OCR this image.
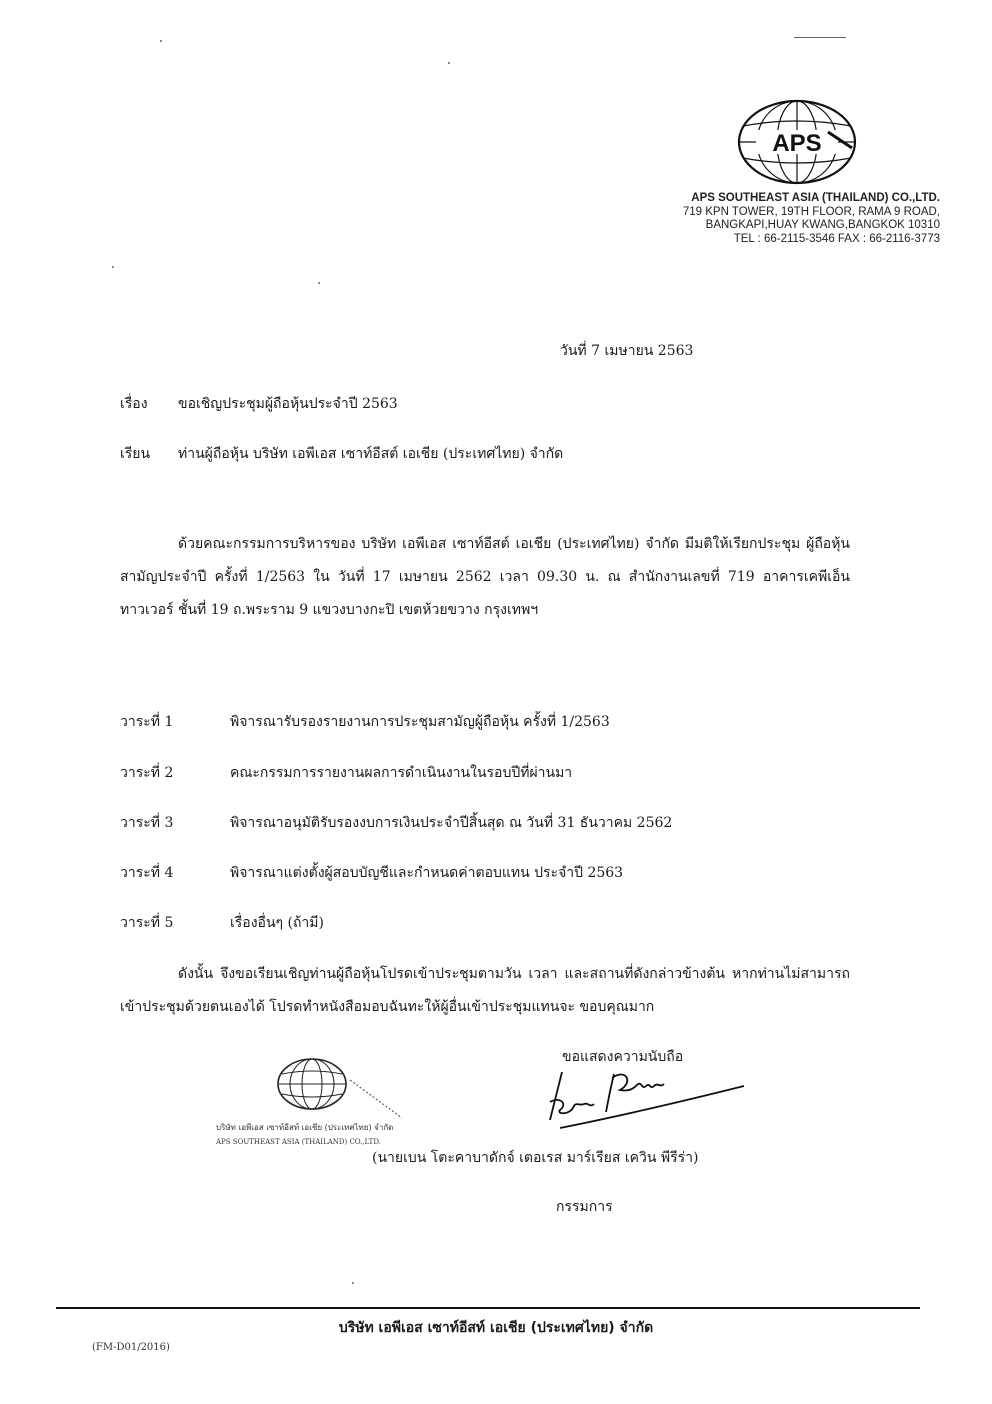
APS
APS SOUTHEAST ASIA (THAILAND) CO.,LTD.
719 KPN TOWER, 19TH FLOOR, RAMA 9 ROAD,
BANGKAPI,HUAY KWANG,BANGKOK 10310
TEL : 66-2115-3546 FAX : 66-2116-3773
วันที่ 7 เมษายน 2563
เรื่อง ขอเชิญประชุมผู้ถือหุ้นประจำปี 2563
เรียน ท่านผู้ถือหุ้น บริษัท เอพีเอส เซาท์อีสต์ เอเชีย (ประเทศไทย) จำกัด
ด้วยคณะกรรมการบริหารของ บริษัท เอพีเอส เซาท์อีสต์ เอเชีย (ประเทศไทย) จำกัด มีมติให้เรียกประชุม ผู้ถือหุ้นสามัญประจำปี ครั้งที่ 1/2563 ใน วันที่ 17 เมษายน 2562 เวลา 09.30 น. ณ สำนักงานเลขที่ 719 อาคารเคพีเอ็น ทาวเวอร์ ชั้นที่ 19 ถ.พระราม 9 แขวงบางกะปิ เขตห้วยขวาง กรุงเทพฯ
วาระที่ 1	พิจารณารับรองรายงานการประชุมสามัญผู้ถือหุ้น ครั้งที่ 1/2563
วาระที่ 2	คณะกรรมการรายงานผลการดำเนินงานในรอบปีที่ผ่านมา
วาระที่ 3	พิจารณาอนุมัติรับรองงบการเงินประจำปีสิ้นสุด ณ วันที่ 31 ธันวาคม 2562
วาระที่ 4	พิจารณาแต่งตั้งผู้สอบบัญชีและกำหนดค่าตอบแทน ประจำปี 2563
วาระที่ 5	เรื่องอื่นๆ (ถ้ามี)
ดังนั้น จึงขอเรียนเชิญท่านผู้ถือหุ้นโปรดเข้าประชุมตามวัน เวลา และสถานที่ดังกล่าวข้างต้น หากท่านไม่สามารถเข้าประชุมด้วยตนเองได้ โปรดทำหนังสือมอบฉันทะให้ผู้อื่นเข้าประชุมแทนจะ ขอบคุณมาก
ขอแสดงความนับถือ
บริษัท เอพีเอส เซาท์อีสท์ เอเชีย (ประเทศไทย) จำกัด
APS SOUTHEAST ASIA (THAILAND) CO.,LTD.
(นายเบน โตะคาบาดักจ์ เตอเรส มาร์เรียส เควิน พีรีร่า)
กรรมการ
บริษัท เอพีเอส เซาท์อีสท์ เอเชีย (ประเทศไทย) จำกัด
(FM-D01/2016)
